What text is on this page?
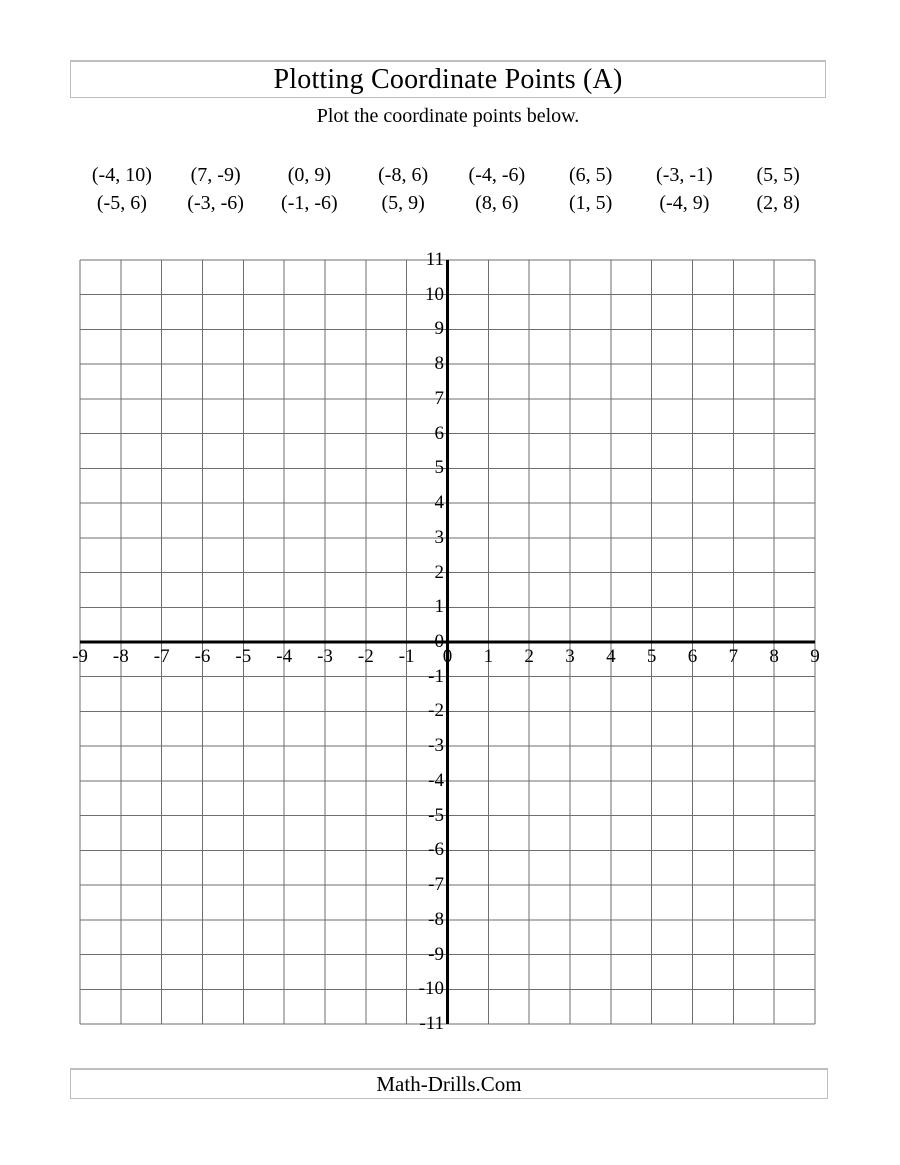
Plotting Coordinate Points (A)
Plot the coordinate points below.
(-4, 10)	(7, -9)	(0, 9)	(-8, 6)	(-4, -6)	(6, 5)	(-3, -1)	(5, 5)
(-5, 6)	(-3, -6)	(-1, -6)	(5, 9)	(8, 6)	(1, 5)	(-4, 9)	(2, 8)
-9 -8 -7 -6 -5 -4 -3 -2 -1 0 1 2 3 4 5 6 7 8 9
11
10
9
8
7
6
5
4
3
2
1
0
-1
-2
-3
-4
-5
-6
-7
-8
-9
-10
-11
Math-Drills.Com
